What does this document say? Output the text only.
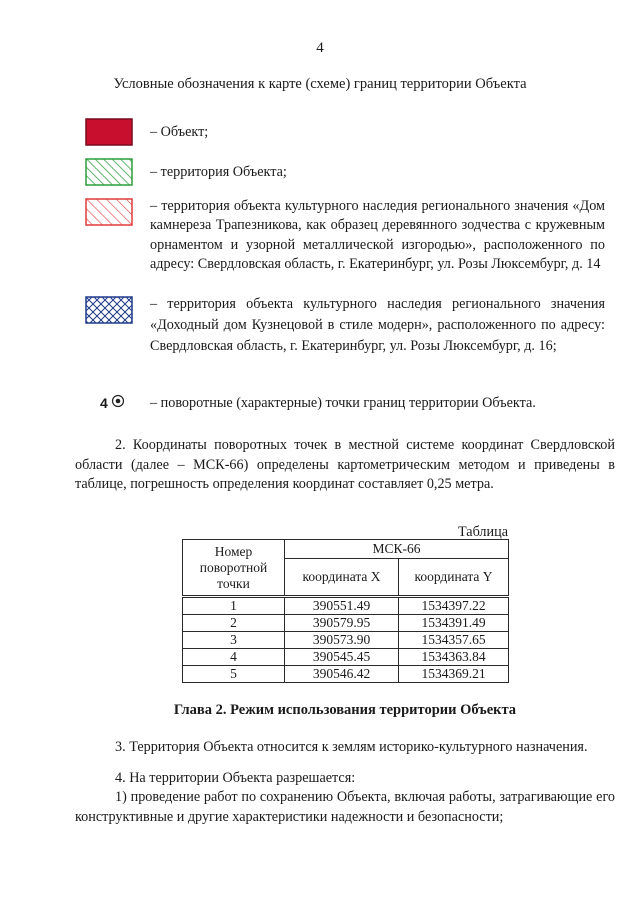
4
Условные обозначения к карте (схеме) границ территории Объекта
– Объект;
– территория Объекта;
– территория объекта культурного наследия регионального значения «Дом камнереза Трапезникова, как образец деревянного зодчества с кружевным орнаментом и узорной металлической изгородью», расположенного по адресу: Свердловская область, г. Екатеринбург, ул. Розы Люксембург, д. 14
– территория объекта культурного наследия регионального значения «Доходный дом Кузнецовой в стиле модерн», расположенного по адресу: Свердловская область, г. Екатеринбург, ул. Розы Люксембург, д. 16;
4	– поворотные (характерные) точки границ территории Объекта.
2. Координаты поворотных точек в местной системе координат Свердловской области (далее – МСК-66) определены картометрическим методом и приведены в таблице, погрешность определения координат составляет 0,25 метра.
Таблица
Номер поворотной точки	МСК-66	
	координата X	координата Y
1	390551.49	1534397.22
2	390579.95	1534391.49
3	390573.90	1534357.65
4	390545.45	1534363.84
5	390546.42	1534369.21
Глава 2. Режим использования территории Объекта
3. Территория Объекта относится к землям историко-культурного назначения.
4. На территории Объекта разрешается:
1) проведение работ по сохранению Объекта, включая работы, затрагивающие его конструктивные и другие характеристики надежности и безопасности;
